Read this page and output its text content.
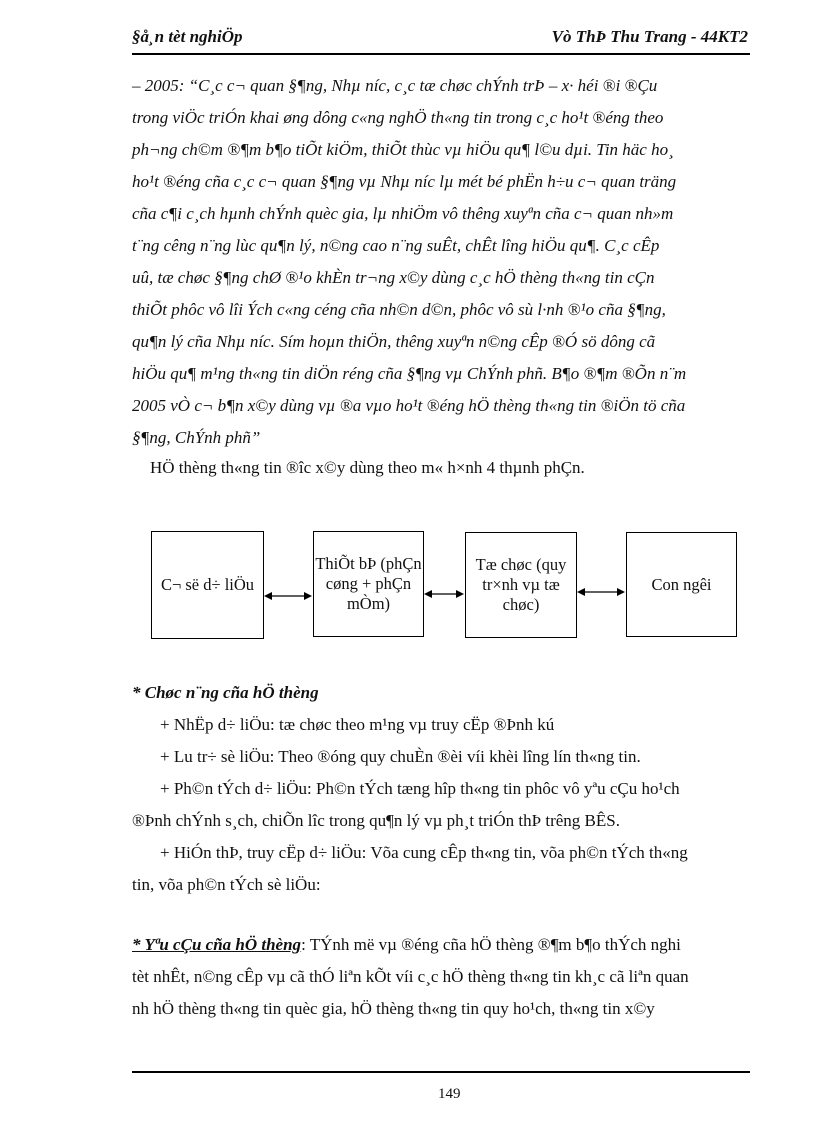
§å¸n tèt nghiÖp	Vò ThÞ Thu Trang - 44KT2
– 2005: “C¸c c¬ quan §¶ng, Nhµ níc, c¸c tæ chøc chÝnh trÞ – x· héi ®i ®Çu
trong viÖc triÓn khai øng dông c«ng nghÖ th«ng tin trong c¸c ho¹t ®éng theo
ph¬ng ch©m ®¶m b¶o tiÕt kiÖm, thiÕt thùc vµ hiÖu qu¶ l©u dµi. Tin häc ho¸
ho¹t ®éng cña c¸c c¬ quan §¶ng vµ Nhµ níc lµ mét bé phËn h÷u c¬ quan träng
cña c¶i c¸ch hµnh chÝnh quèc gia, lµ nhiÖm vô thêng xuyªn cña c¬ quan nh»m
t¨ng cêng n¨ng lùc qu¶n lý, n©ng cao n¨ng suÊt, chÊt lîng hiÖu qu¶. C¸c cÊp
uû, tæ chøc §¶ng chØ ®¹o khÈn tr¬ng x©y dùng c¸c hÖ thèng th«ng tin cÇn
thiÕt phôc vô lîi Ých c«ng céng cña nh©n d©n, phôc vô sù l·nh ®¹o cña §¶ng,
qu¶n lý cña Nhµ níc. Sím hoµn thiÖn, thêng xuyªn n©ng cÊp ®Ó sö dông cã
hiÖu qu¶ m¹ng th«ng tin diÖn réng cña §¶ng vµ ChÝnh phñ. B¶o ®¶m ®Õn n¨m
2005 vÒ c¬ b¶n x©y dùng vµ ®a vµo ho¹t ®éng hÖ thèng th«ng tin ®iÖn tö cña
§¶ng, ChÝnh phñ”
HÖ thèng th«ng tin ®îc x©y dùng theo m« h×nh 4 thµnh phÇn.
C¬ së d÷ liÖu
ThiÕt bÞ (phÇn cøng + phÇn mÒm)
Tæ chøc (quy tr×nh vµ tæ chøc)
Con ngêi
* Chøc n¨ng cña hÖ thèng
+ NhËp d÷ liÖu: tæ chøc theo m¹ng vµ truy cËp ®Þnh kú
+ Lu tr÷ sè liÖu: Theo ®óng quy chuÈn ®èi víi khèi lîng lín th«ng tin.
+ Ph©n tÝch d÷ liÖu: Ph©n tÝch tæng hîp th«ng tin phôc vô yªu cÇu ho¹ch
®Þnh chÝnh s¸ch, chiÕn lîc trong qu¶n lý vµ ph¸t triÓn thÞ trêng BÊS.
+ HiÓn thÞ, truy cËp d÷ liÖu: Võa cung cÊp th«ng tin, võa ph©n tÝch th«ng
tin, võa ph©n tÝch sè liÖu:
* Yªu cÇu cña hÖ thèng: TÝnh më vµ ®éng cña hÖ thèng ®¶m b¶o thÝch nghi
tèt nhÊt, n©ng cÊp vµ cã thÓ liªn kÕt víi c¸c hÖ thèng th«ng tin kh¸c cã liªn quan
nh hÖ thèng th«ng tin quèc gia, hÖ thèng th«ng tin quy ho¹ch, th«ng tin x©y
149
